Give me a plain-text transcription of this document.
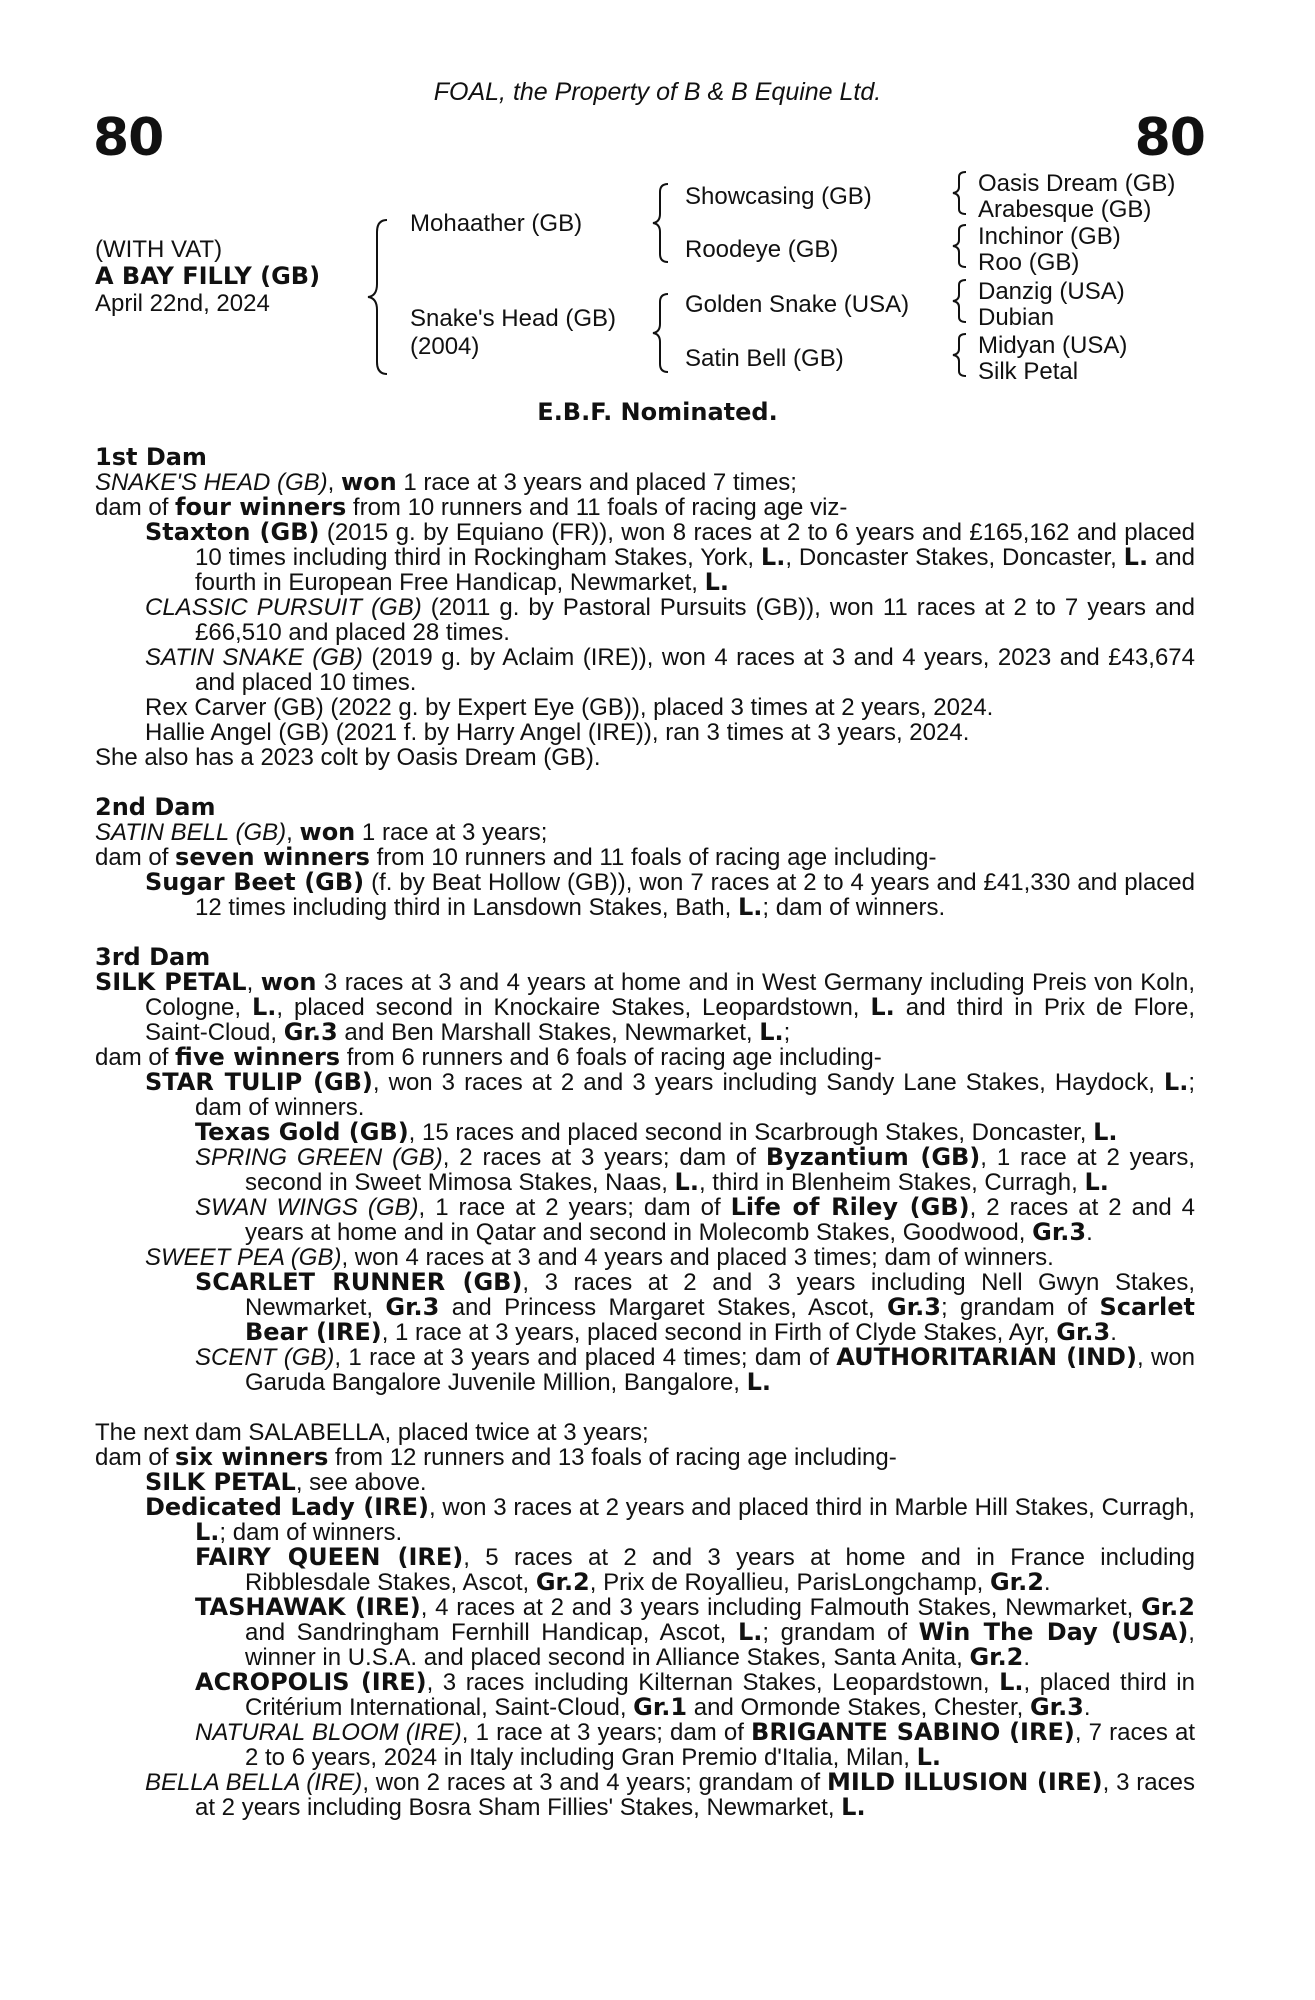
FOAL, the Property of B & B Equine Ltd.
80	80
(WITH VAT)
A BAY FILLY (GB)
April 22nd, 2024
Mohaather (GB)
Snake's Head (GB)
(2004)
Showcasing (GB)
Roodeye (GB)
Golden Snake (USA)
Satin Bell (GB)
Oasis Dream (GB)
Arabesque (GB)
Inchinor (GB)
Roo (GB)
Danzig (USA)
Dubian
Midyan (USA)
Silk Petal
E.B.F. Nominated.

1st Dam

SNAKE'S HEAD (GB), won 1 race at 3 years and placed 7 times;

dam of four winners from 10 runners and 11 foals of racing age viz-

Staxton (GB) (2015 g. by Equiano (FR)), won 8 races at 2 to 6 years and £165,162 and placed 10 times including third in Rockingham Stakes, York, L., Doncaster Stakes, Doncaster, L. and fourth in European Free Handicap, Newmarket, L.

CLASSIC PURSUIT (GB) (2011 g. by Pastoral Pursuits (GB)), won 11 races at 2 to 7 years and £66,510 and placed 28 times.

SATIN SNAKE (GB) (2019 g. by Aclaim (IRE)), won 4 races at 3 and 4 years, 2023 and £43,674 and placed 10 times.

Rex Carver (GB) (2022 g. by Expert Eye (GB)), placed 3 times at 2 years, 2024.

Hallie Angel (GB) (2021 f. by Harry Angel (IRE)), ran 3 times at 3 years, 2024.

She also has a 2023 colt by Oasis Dream (GB).

2nd Dam

SATIN BELL (GB), won 1 race at 3 years;

dam of seven winners from 10 runners and 11 foals of racing age including-

Sugar Beet (GB) (f. by Beat Hollow (GB)), won 7 races at 2 to 4 years and £41,330 and placed 12 times including third in Lansdown Stakes, Bath, L.; dam of winners.

3rd Dam

SILK PETAL, won 3 races at 3 and 4 years at home and in West Germany including Preis von Koln, Cologne, L., placed second in Knockaire Stakes, Leopardstown, L. and third in Prix de Flore, Saint-Cloud, Gr.3 and Ben Marshall Stakes, Newmarket, L.;

dam of five winners from 6 runners and 6 foals of racing age including-

STAR TULIP (GB), won 3 races at 2 and 3 years including Sandy Lane Stakes, Haydock, L.; dam of winners.

Texas Gold (GB), 15 races and placed second in Scarbrough Stakes, Doncaster, L.

SPRING GREEN (GB), 2 races at 3 years; dam of Byzantium (GB), 1 race at 2 years, second in Sweet Mimosa Stakes, Naas, L., third in Blenheim Stakes, Curragh, L.

SWAN WINGS (GB), 1 race at 2 years; dam of Life of Riley (GB), 2 races at 2 and 4 years at home and in Qatar and second in Molecomb Stakes, Goodwood, Gr.3.

SWEET PEA (GB), won 4 races at 3 and 4 years and placed 3 times; dam of winners.

SCARLET RUNNER (GB), 3 races at 2 and 3 years including Nell Gwyn Stakes, Newmarket, Gr.3 and Princess Margaret Stakes, Ascot, Gr.3; grandam of Scarlet Bear (IRE), 1 race at 3 years, placed second in Firth of Clyde Stakes, Ayr, Gr.3.

SCENT (GB), 1 race at 3 years and placed 4 times; dam of AUTHORITARIAN (IND), won Garuda Bangalore Juvenile Million, Bangalore, L.

The next dam SALABELLA, placed twice at 3 years;

dam of six winners from 12 runners and 13 foals of racing age including-

SILK PETAL, see above.

Dedicated Lady (IRE), won 3 races at 2 years and placed third in Marble Hill Stakes, Curragh, L.; dam of winners.

FAIRY QUEEN (IRE), 5 races at 2 and 3 years at home and in France including Ribblesdale Stakes, Ascot, Gr.2, Prix de Royallieu, ParisLongchamp, Gr.2.

TASHAWAK (IRE), 4 races at 2 and 3 years including Falmouth Stakes, Newmarket, Gr.2 and Sandringham Fernhill Handicap, Ascot, L.; grandam of Win The Day (USA), winner in U.S.A. and placed second in Alliance Stakes, Santa Anita, Gr.2.

ACROPOLIS (IRE), 3 races including Kilternan Stakes, Leopardstown, L., placed third in Critérium International, Saint-Cloud, Gr.1 and Ormonde Stakes, Chester, Gr.3.

NATURAL BLOOM (IRE), 1 race at 3 years; dam of BRIGANTE SABINO (IRE), 7 races at 2 to 6 years, 2024 in Italy including Gran Premio d'Italia, Milan, L.

BELLA BELLA (IRE), won 2 races at 3 and 4 years; grandam of MILD ILLUSION (IRE), 3 races at 2 years including Bosra Sham Fillies' Stakes, Newmarket, L.
